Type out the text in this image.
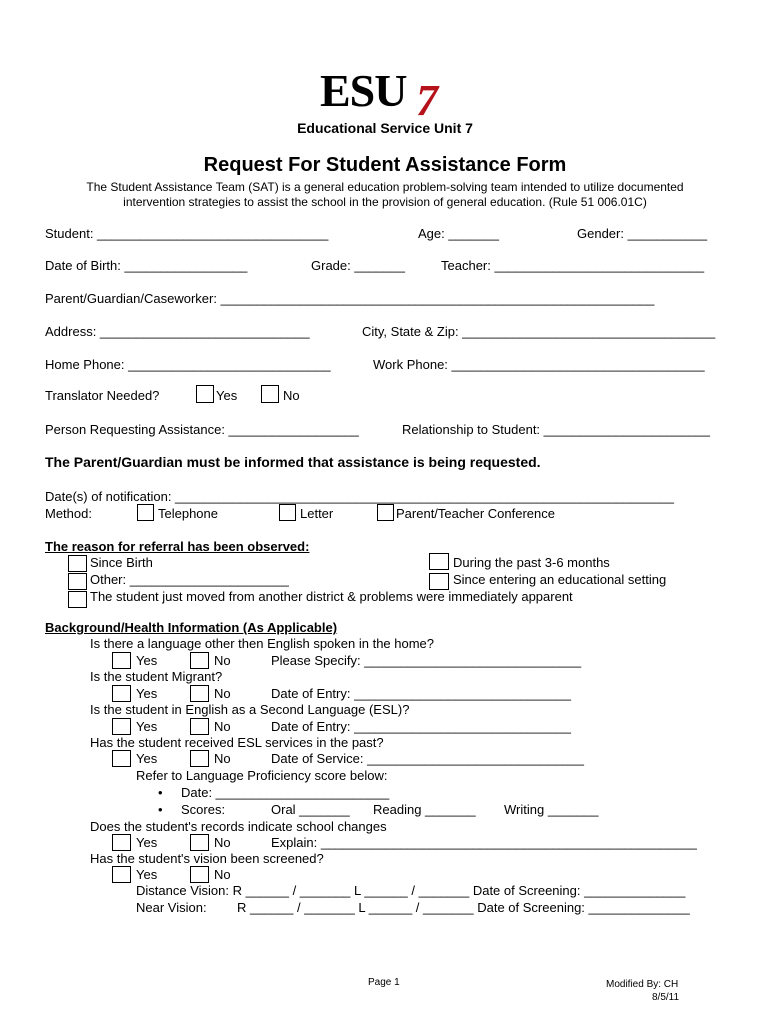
ESU 7
Educational Service Unit 7
Request For Student Assistance Form
The Student Assistance Team (SAT) is a general education problem-solving team intended to utilize documented
intervention strategies to assist the school in the provision of general education. (Rule 51 006.01C)
Student: ________________________________	Age: _______	Gender: ___________
Date of Birth: _________________	Grade: _______	Teacher: _____________________________
Parent/Guardian/Caseworker: ____________________________________________________________
Address: _____________________________	City, State & Zip: ___________________________________
Home Phone: ____________________________	Work Phone: ___________________________________
Translator Needed?	Yes	No
Person Requesting Assistance: __________________	Relationship to Student: _______________________
The Parent/Guardian must be informed that assistance is being requested.
Date(s) of notification: _____________________________________________________________________
Method:	Telephone	Letter	Parent/Teacher Conference
The reason for referral has been observed:
Since Birth
Other: ______________________
The student just moved from another district & problems were immediately apparent
During the past 3-6 months
Since entering an educational setting
Background/Health Information (As Applicable)
Is there a language other then English spoken in the home?
Yes	No	Please Specify: ______________________________
Is the student Migrant?
Yes	No	Date of Entry: ______________________________
Is the student in English as a Second Language (ESL)?
Yes	No	Date of Entry: ______________________________
Has the student received ESL services in the past?
Yes	No	Date of Service: ______________________________
Refer to Language Proficiency score below:
• Date: ________________________
• Scores:	Oral _______ Reading _______ Writing _______
Does the student's records indicate school changes
Yes	No	Explain: ____________________________________________________
Has the student's vision been screened?
Yes	No
Distance Vision: R ______ / _______ L ______ / _______ Date of Screening: ______________
Near Vision: R ______ / _______ L ______ / _______ Date of Screening: ______________
Page 1	Modified By: CH
8/5/11
